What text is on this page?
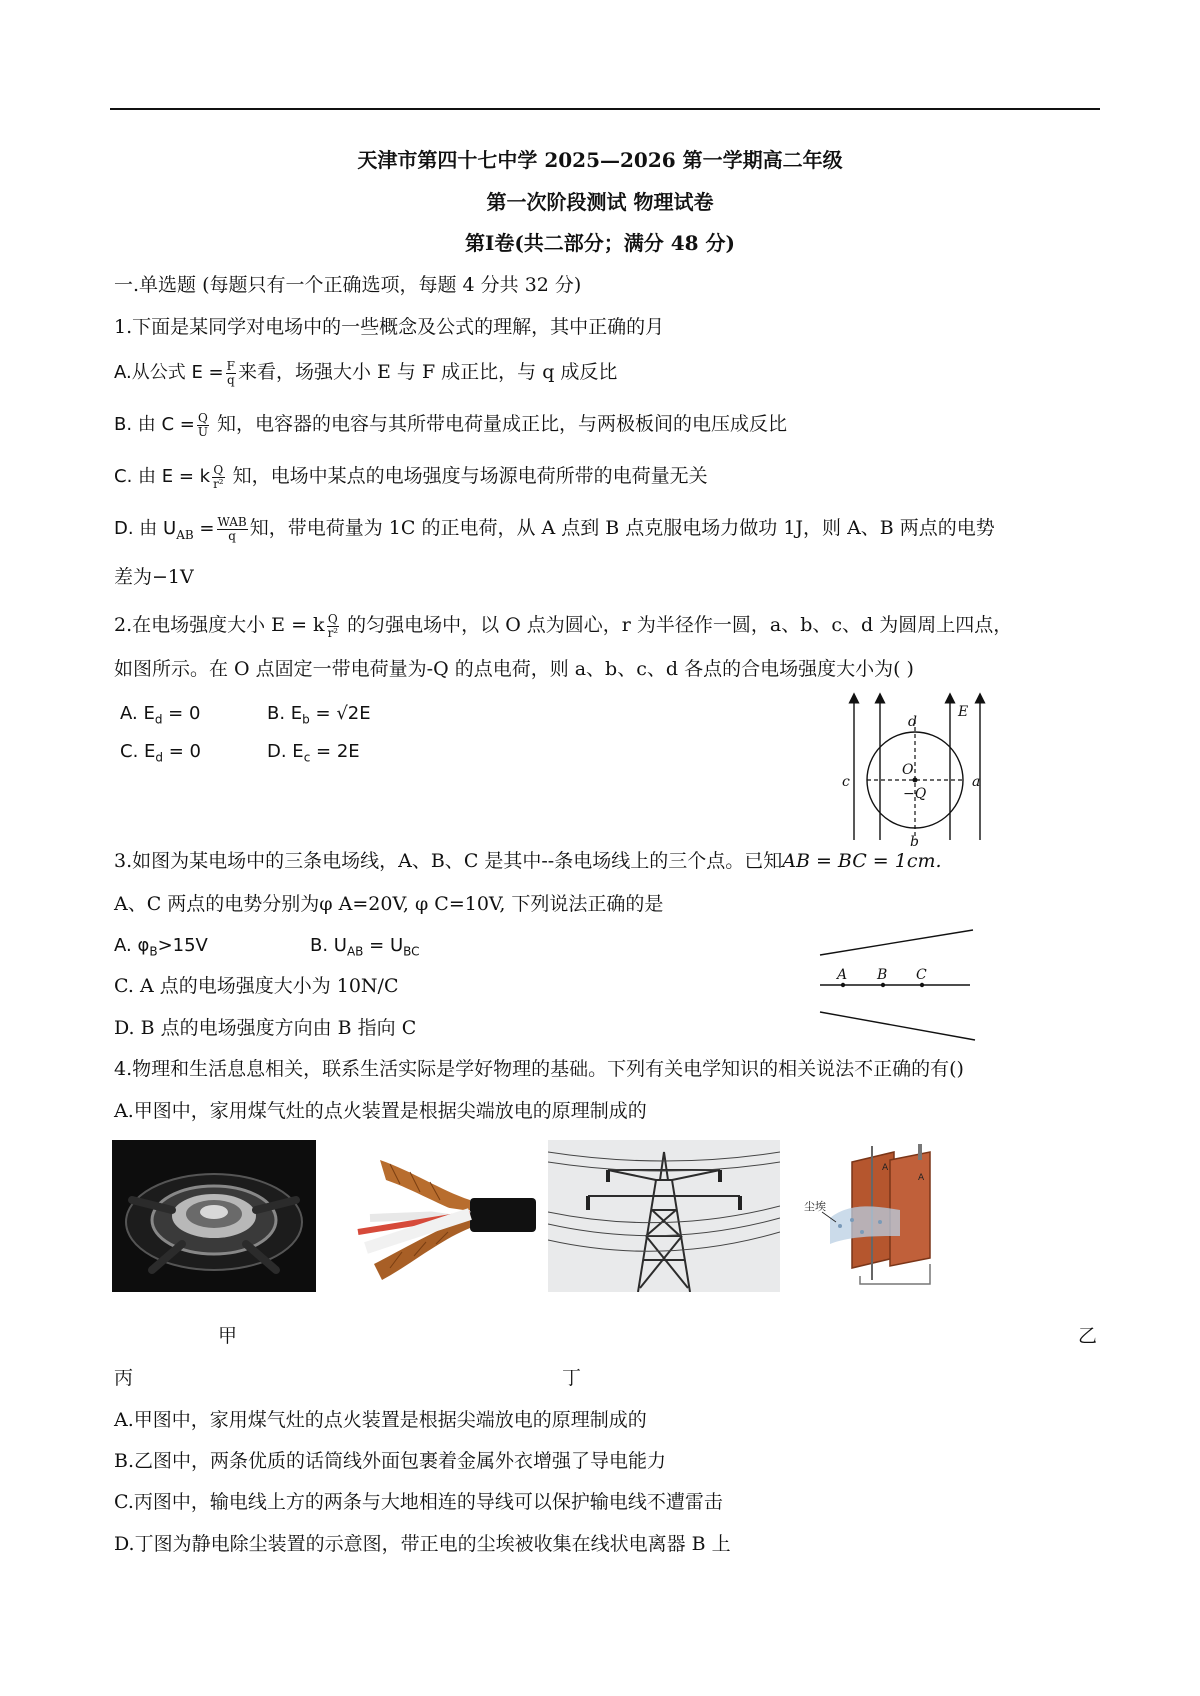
天津市第四十七中学 2025—2026 第一学期高二年级
第一次阶段测试 物理试卷
第Ⅰ卷(共二部分；满分 48 分)
一.单选题 (每题只有一个正确选项，每题 4 分共 32 分)
1.下面是某同学对电场中的一些概念及公式的理解，其中正确的月
A.从公式 $E = \frac{F}{q}$ 来看，场强大小 E 与 F 成正比，与 q 成反比
B. 由 $C = \frac{Q}{U}$ 知，电容器的电容与其所带电荷量成正比，与两极板间的电压成反比
C. 由 E = k $\frac{Q}{\text{r²}}$ 知，电场中某点的电场强度与场源电荷所带的电荷量无关
D. 由 $U_{AB} = \frac{\text{WAB}}{q}$ 知，带电荷量为 1C 的正电荷，从 A 点到 B 点克服电场力做功 1J，则 A、B 两点的电势
差为−1V
2.在电场强度大小 E = k $\frac{Q}{\text{r²}}$ 的匀强电场中，以 O 点为圆心，r 为半径作一圆，a、b、c、d 为圆周上四点，
如图所示。在 O 点固定一带电荷量为-Q 的点电荷，则 a、b、c、d 各点的合电场强度大小为( )
A. $E_d = 0$	B. $E_b = √2E$
C. $E_d = 0$	D. $E_c = 2E$
d
E
O
c	a
−Q
b
3.如图为某电场中的三条电场线，A、B、C 是其中--条电场线上的三个点。已知AB = BC = 1cm.
A、C 两点的电势分别为φ A=20V, φ C=10V, 下列说法正确的是
A. $\varphi_B>15V$	B. $U_{AB} = U_{BC}$
C. A 点的电场强度大小为 10N/C
D. B 点的电场强度方向由 B 指向 C
A B C
4.物理和生活息息相关，联系生活实际是学好物理的基础。下列有关电学知识的相关说法不正确的有()
A.甲图中，家用煤气灶的点火装置是根据尖端放电的原理制成的
尘埃
A
A
甲	乙
丙	丁
A.甲图中，家用煤气灶的点火装置是根据尖端放电的原理制成的
B.乙图中，两条优质的话筒线外面包裹着金属外衣增强了导电能力
C.丙图中，输电线上方的两条与大地相连的导线可以保护输电线不遭雷击
D.丁图为静电除尘装置的示意图，带正电的尘埃被收集在线状电离器 B 上
